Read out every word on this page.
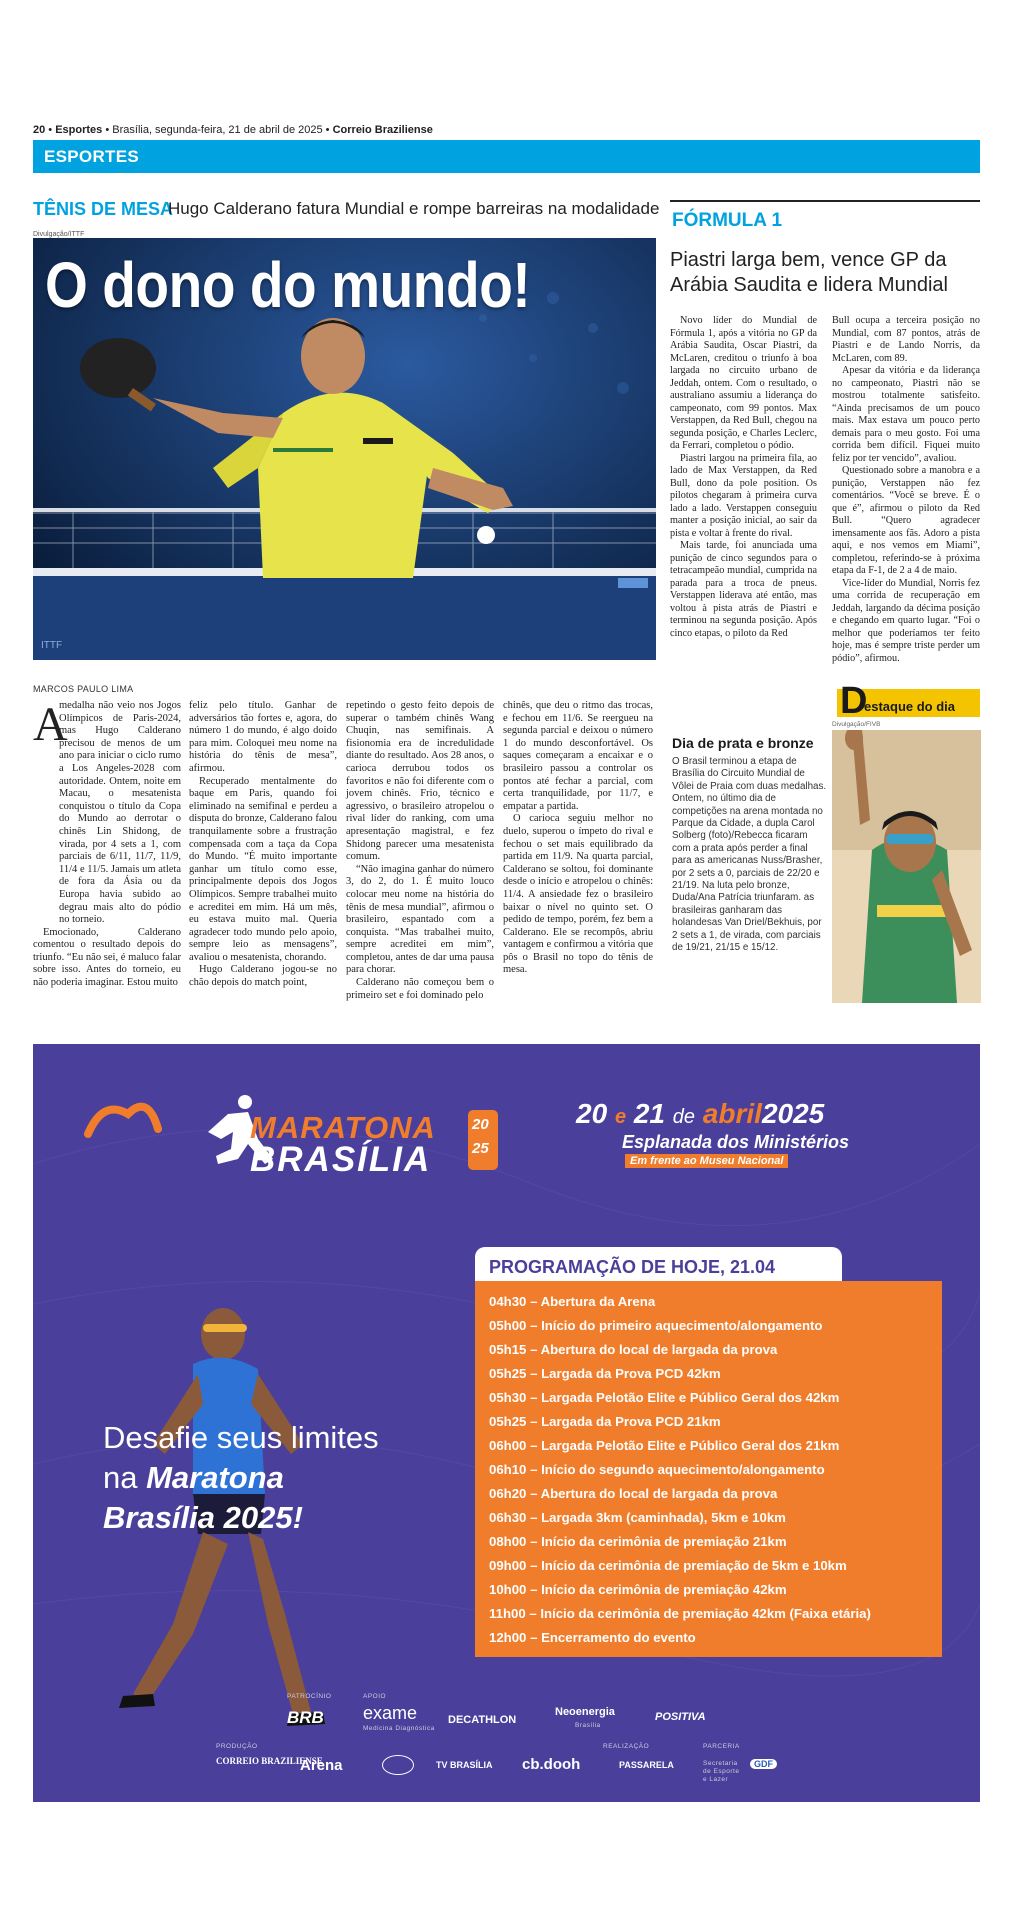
20 • Esportes • Brasília, segunda-feira, 21 de abril de 2025 • Correio Braziliense
ESPORTES
TÊNIS DE MESA
Hugo Calderano fatura Mundial e rompe barreiras na modalidade
Divulgação/ITTF
ITTF
O dono do mundo!
MARCOS PAULO LIMA
A

medalha não veio nos Jogos Olímpicos de Paris-2024, mas Hugo Calderano precisou de menos de um ano para iniciar o ciclo rumo a Los Angeles-2028 com autoridade. Ontem, noite em Macau, o mesatenista conquistou o título da Copa do Mundo ao derrotar o chinês Lin Shidong, de virada, por 4 sets a 1, com parciais de 6/11, 11/7, 11/9, 11/4 e 11/5. Jamais um atleta de fora da Ásia ou da Europa havia subido ao degrau mais alto do pódio no torneio.

Emocionado, Calderano comentou o resultado depois do triunfo. “Eu não sei, é maluco falar sobre isso. Antes do torneio, eu não poderia imaginar. Estou muito

feliz pelo título. Ganhar de adversários tão fortes e, agora, do número 1 do mundo, é algo doido para mim. Coloquei meu nome na história do tênis de mesa”, afirmou.

Recuperado mentalmente do baque em Paris, quando foi eliminado na semifinal e perdeu a disputa do bronze, Calderano falou tranquilamente sobre a frustração compensada com a taça da Copa do Mundo. “É muito importante ganhar um título como esse, principalmente depois dos Jogos Olímpicos. Sempre trabalhei muito e acreditei em mim. Há um mês, eu estava muito mal. Queria agradecer todo mundo pelo apoio, sempre leio as mensagens”, avaliou o mesatenista, chorando.

Hugo Calderano jogou-se no chão depois do match point,

repetindo o gesto feito depois de superar o também chinês Wang Chuqin, nas semifinais. A fisionomia era de incredulidade diante do resultado. Aos 28 anos, o carioca derrubou todos os favoritos e não foi diferente com o jovem chinês. Frio, técnico e agressivo, o brasileiro atropelou o rival líder do ranking, com uma apresentação magistral, e fez Shidong parecer uma mesatenista comum.

“Não imagina ganhar do número 3, do 2, do 1. É muito louco colocar meu nome na história do tênis de mesa mundial”, afirmou o brasileiro, espantado com a conquista. “Mas trabalhei muito, sempre acreditei em mim”, completou, antes de dar uma pausa para chorar.

Calderano não começou bem o primeiro set e foi dominado pelo

chinês, que deu o ritmo das trocas, e fechou em 11/6. Se reergueu na segunda parcial e deixou o número 1 do mundo desconfortável. Os saques começaram a encaixar e o brasileiro passou a controlar os pontos até fechar a parcial, com certa tranquilidade, por 11/7, e empatar a partida.

O carioca seguiu melhor no duelo, superou o ímpeto do rival e fechou o set mais equilibrado da partida em 11/9. Na quarta parcial, Calderano se soltou, foi dominante desde o início e atropelou o chinês: 11/4. A ansiedade fez o brasileiro baixar o nível no quinto set. O pedido de tempo, porém, fez bem a Calderano. Ele se recompôs, abriu vantagem e confirmou a vitória que pôs o Brasil no topo do tênis de mesa.

FÓRMULA 1
Piastri larga bem, vence GP da Arábia Saudita e lidera Mundial

Novo líder do Mundial de Fórmula 1, após a vitória no GP da Arábia Saudita, Oscar Piastri, da McLaren, creditou o triunfo à boa largada no circuito urbano de Jeddah, ontem. Com o resultado, o australiano assumiu a liderança do campeonato, com 99 pontos. Max Verstappen, da Red Bull, chegou na segunda posição, e Charles Leclerc, da Ferrari, completou o pódio.

Piastri largou na primeira fila, ao lado de Max Verstappen, da Red Bull, dono da pole position. Os pilotos chegaram à primeira curva lado a lado. Verstappen conseguiu manter a posição inicial, ao sair da pista e voltar à frente do rival.

Mais tarde, foi anunciada uma punição de cinco segundos para o tetracampeão mundial, cumprida na parada para a troca de pneus. Verstappen liderava até então, mas voltou à pista atrás de Piastri e terminou na segunda posição. Após cinco etapas, o piloto da Red

Bull ocupa a terceira posição no Mundial, com 87 pontos, atrás de Piastri e de Lando Norris, da McLaren, com 89.

Apesar da vitória e da liderança no campeonato, Piastri não se mostrou totalmente satisfeito. “Ainda precisamos de um pouco mais. Max estava um pouco perto demais para o meu gosto. Foi uma corrida bem difícil. Fiquei muito feliz por ter vencido”, avaliou.

Questionado sobre a manobra e a punição, Verstappen não fez comentários. “Você se breve. É o que é”, afirmou o piloto da Red Bull. “Quero agradecer imensamente aos fãs. Adoro a pista aqui, e nos vemos em Miami”, completou, referindo-se à próxima etapa da F-1, de 2 a 4 de maio.

Vice-líder do Mundial, Norris fez uma corrida de recuperação em Jeddah, largando da décima posição e chegando em quarto lugar. “Foi o melhor que poderíamos ter feito hoje, mas é sempre triste perder um pódio”, afirmou.

D
estaque do dia
Divulgação/FIVB
Dia de prata e bronze
O Brasil terminou a etapa de Brasília do Circuito Mundial de Vôlei de Praia com duas medalhas. Ontem, no último dia de competições na arena montada no Parque da Cidade, a dupla Carol Solberg (foto)/Rebecca ficaram com a prata após perder a final para as americanas Nuss/Brasher, por 2 sets a 0, parciais de 22/20 e 21/19. Na luta pelo bronze, Duda/Ana Patrícia triunfaram. as brasileiras ganharam das holandesas Van Driel/Bekhuis, por 2 sets a 1, de virada, com parciais de 19/21, 21/15 e 15/12.
MARATONA
BRASÍLIA
20
25
20 e 21 de abril2025
Esplanada dos Ministérios
Em frente ao Museu Nacional
PROGRAMAÇÃO DE HOJE, 21.04
04h30 – Abertura da Arena
05h00 – Início do primeiro aquecimento/alongamento
05h15 – Abertura do local de largada da prova
05h25 – Largada da Prova PCD 42km
05h30 – Largada Pelotão Elite e Público Geral dos 42km
05h25 – Largada da Prova PCD 21km
06h00 – Largada Pelotão Elite e Público Geral dos 21km
06h10 – Início do segundo aquecimento/alongamento
06h20 – Abertura do local de largada da prova
06h30 – Largada 3km (caminhada), 5km e 10km
08h00 – Início da cerimônia de premiação 21km
09h00 – Início da cerimônia de premiação de 5km e 10km
10h00 – Início da cerimônia de premiação 42km
11h00 – Início da cerimônia de premiação 42km (Faixa etária)
12h00 – Encerramento do evento
Desafie seus limites
na Maratona
Brasília 2025!
PATROCÍNIO	APOIO
BRB exame
Medicina Diagnóstica
DECATHLON
Neoenergia
Brasília
POSITIVA
PRODUÇÃO	REALIZAÇÃO	PARCERIA
CORREIO BRAZILIENSE
Arena	TV BRASÍLIA cb.dooh	PASSARELA	Secretaria de Esporte e Lazer
GDF
